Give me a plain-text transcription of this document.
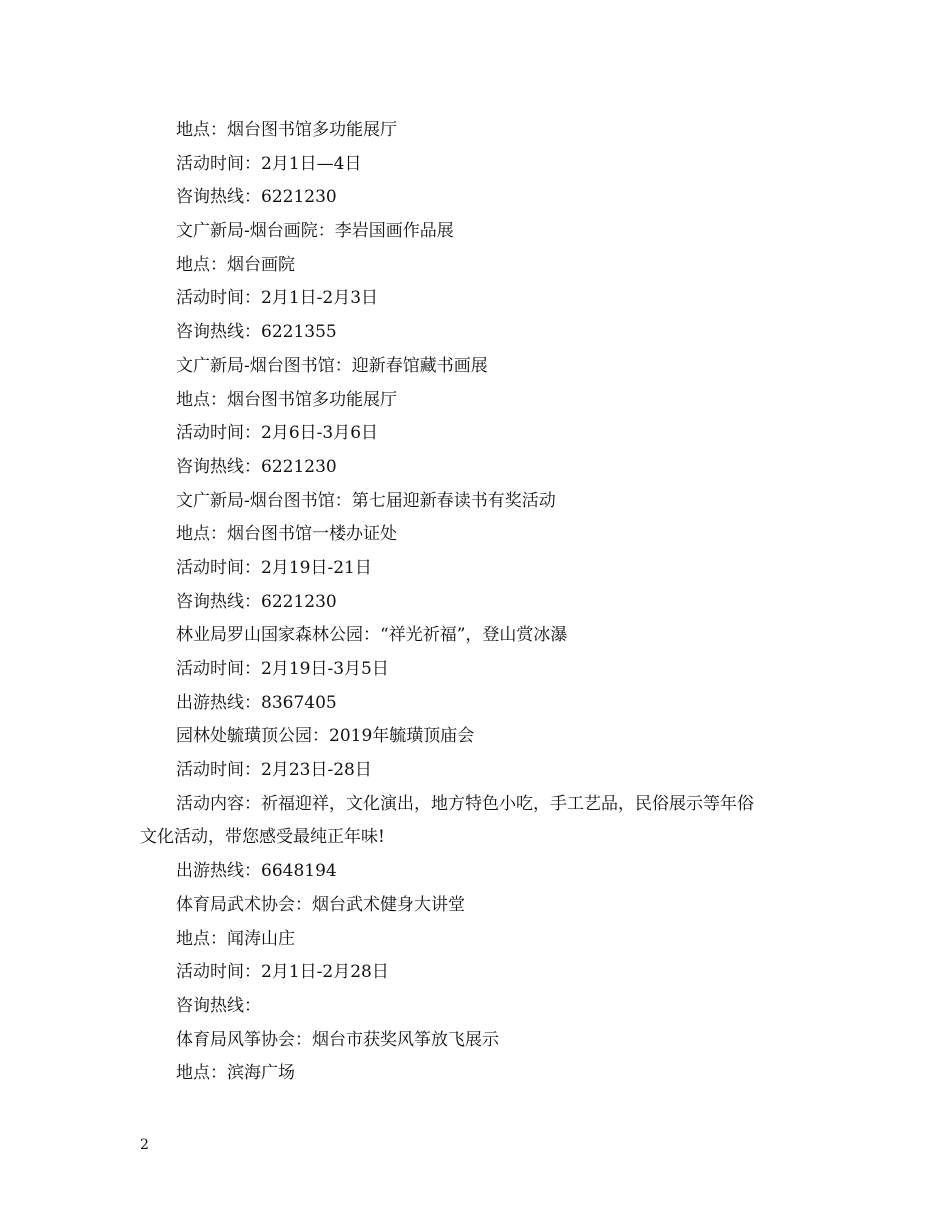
地点：烟台图书馆多功能展厅
活动时间：2月1日—4日
咨询热线：6221230
文广新局-烟台画院：李岩国画作品展
地点：烟台画院
活动时间：2月1日-2月3日
咨询热线：6221355
文广新局-烟台图书馆：迎新春馆藏书画展
地点：烟台图书馆多功能展厅
活动时间：2月6日-3月6日
咨询热线：6221230
文广新局-烟台图书馆：第七届迎新春读书有奖活动
地点：烟台图书馆一楼办证处
活动时间：2月19日-21日
咨询热线：6221230
林业局罗山国家森林公园：“祥光祈福”，登山赏冰瀑
活动时间：2月19日-3月5日
出游热线：8367405
园林处毓璜顶公园：2019年毓璜顶庙会
活动时间：2月23日-28日
活动内容：祈福迎祥，文化演出，地方特色小吃，手工艺品，民俗展示等年俗
文化活动，带您感受最纯正年味!
出游热线：6648194
体育局武术协会：烟台武术健身大讲堂
地点：闻涛山庄
活动时间：2月1日-2月28日
咨询热线：
体育局风筝协会：烟台市获奖风筝放飞展示
地点：滨海广场
2
